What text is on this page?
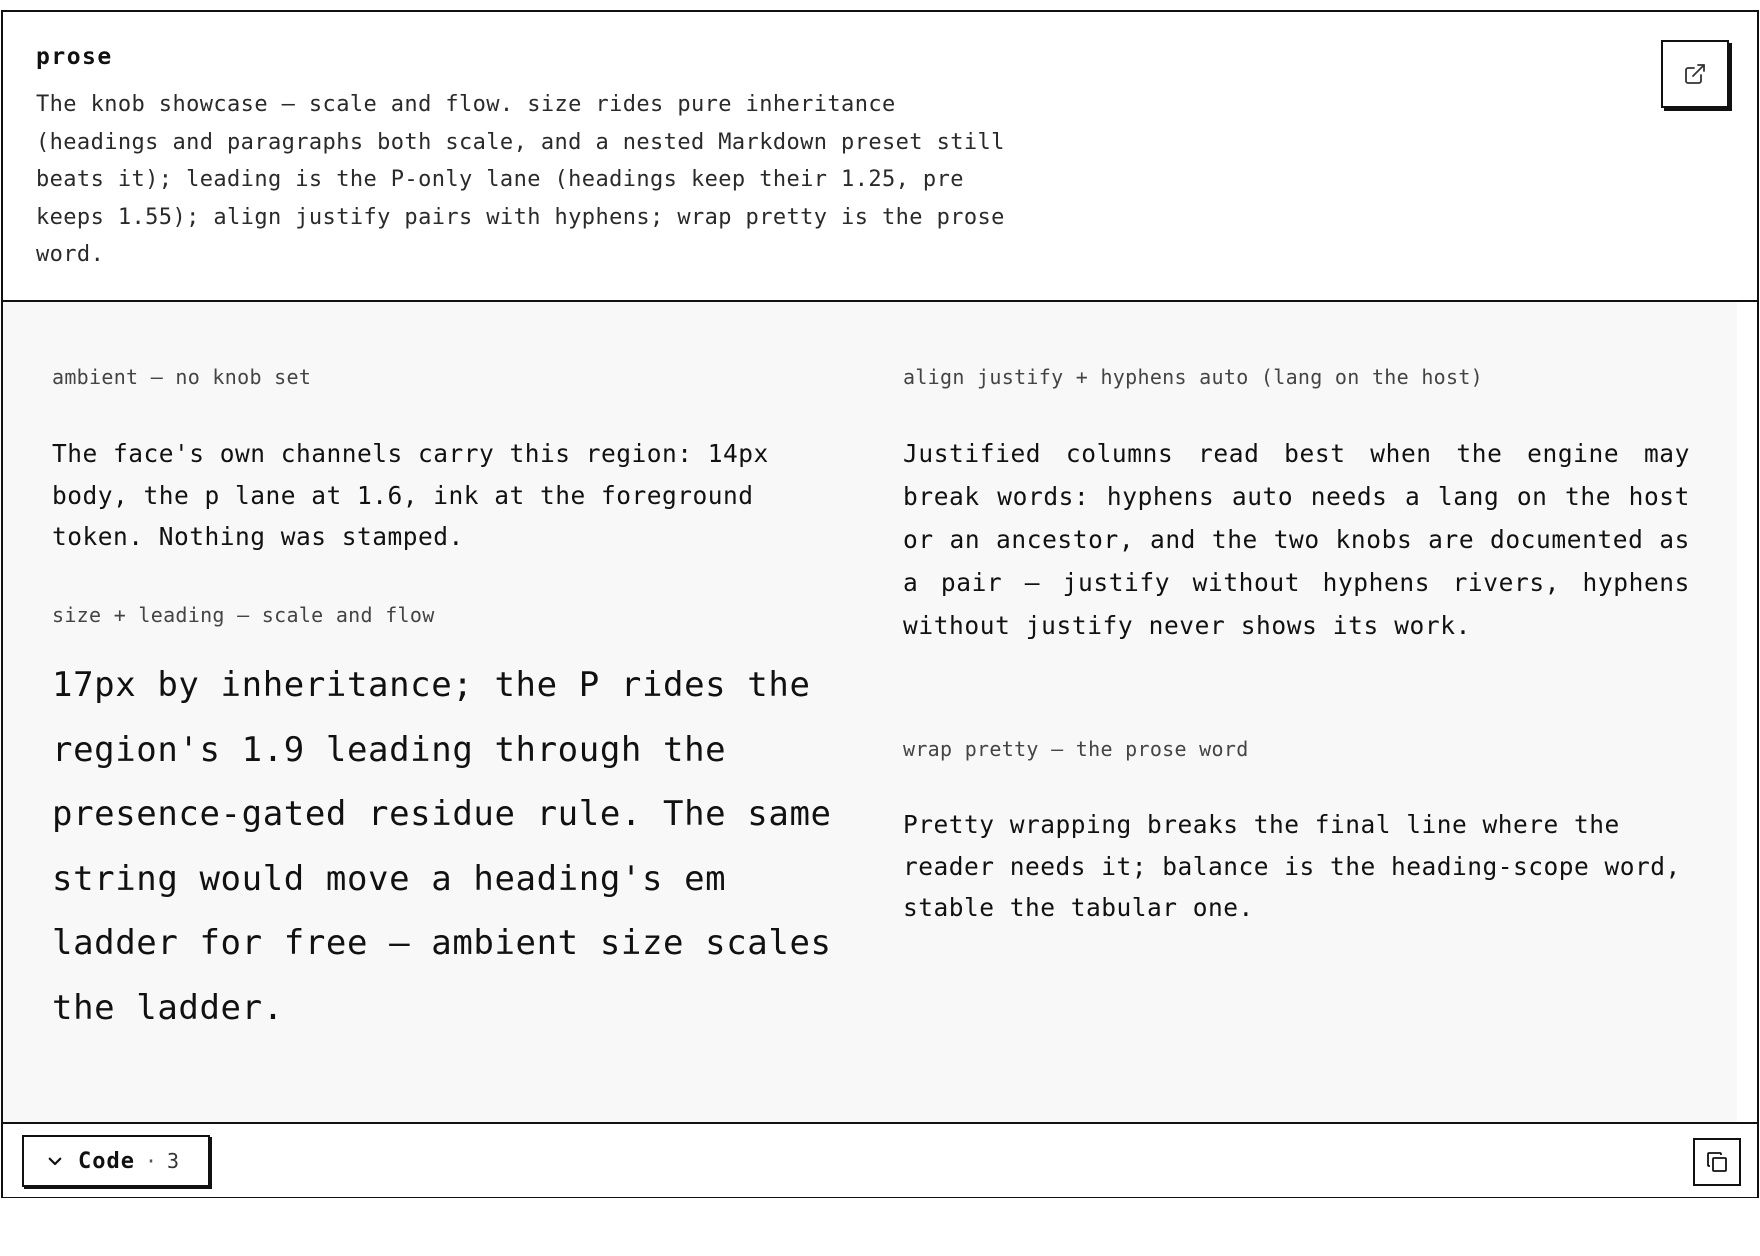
prose
The knob showcase — scale and flow. size rides pure inheritance (headings and paragraphs both scale, and a nested Markdown preset still beats it); leading is the P-only lane (headings keep their 1.25, pre keeps 1.55); align justify pairs with hyphens; wrap pretty is the prose word.
ambient — no knob set

The face's own channels carry this region: 14px body, the p lane at 1.6, ink at the foreground token. Nothing was stamped.

size + leading — scale and flow

17px by inheritance; the P rides the region's 1.9 leading through the presence-gated residue rule. The same string would move a heading's em ladder for free — ambient size scales the ladder.

align justify + hyphens auto (lang on the host)

Justified columns read best when the engine may break words: hyphens auto needs a lang on the host or an ancestor, and the two knobs are documented as a pair — justify without hyphens rivers, hyphens without justify never shows its work.

wrap pretty — the prose word

Pretty wrapping breaks the final line where the reader needs it; balance is the heading-scope word, stable the tabular one.

Code · 3
